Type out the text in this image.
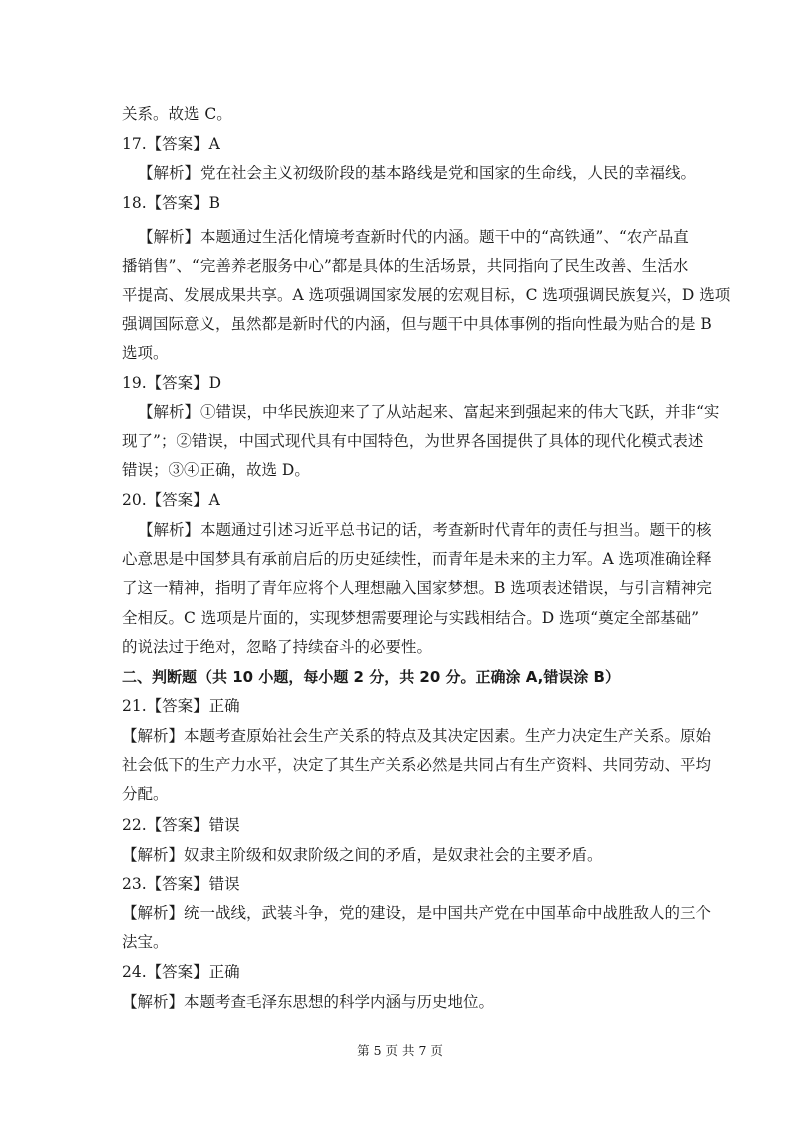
关系。故选 C。
17.【答案】A
【解析】党在社会主义初级阶段的基本路线是党和国家的生命线，人民的幸福线。
18.【答案】B
【解析】本题通过生活化情境考查新时代的内涵。题干中的“高铁通”、“农产品直
播销售”、“完善养老服务中心”都是具体的生活场景，共同指向了民生改善、生活水
平提高、发展成果共享。A 选项强调国家发展的宏观目标，C 选项强调民族复兴，D 选项
强调国际意义，虽然都是新时代的内涵，但与题干中具体事例的指向性最为贴合的是 B
选项。
19.【答案】D
【解析】①错误，中华民族迎来了了从站起来、富起来到强起来的伟大飞跃，并非“实
现了”；②错误，中国式现代具有中国特色，为世界各国提供了具体的现代化模式表述
错误；③④正确，故选 D。
20.【答案】A
【解析】本题通过引述习近平总书记的话，考查新时代青年的责任与担当。题干的核
心意思是中国梦具有承前启后的历史延续性，而青年是未来的主力军。A 选项准确诠释
了这一精神，指明了青年应将个人理想融入国家梦想。B 选项表述错误，与引言精神完
全相反。C 选项是片面的，实现梦想需要理论与实践相结合。D 选项“奠定全部基础”
的说法过于绝对，忽略了持续奋斗的必要性。
二、判断题（共 10 小题，每小题 2 分，共 20 分。正确涂 A,错误涂 B）
21.【答案】正确
【解析】本题考查原始社会生产关系的特点及其决定因素。生产力决定生产关系。原始
社会低下的生产力水平，决定了其生产关系必然是共同占有生产资料、共同劳动、平均
分配。
22.【答案】错误
【解析】奴隶主阶级和奴隶阶级之间的矛盾，是奴隶社会的主要矛盾。
23.【答案】错误
【解析】统一战线，武装斗争，党的建设，是中国共产党在中国革命中战胜敌人的三个
法宝。
24.【答案】正确
【解析】本题考查毛泽东思想的科学内涵与历史地位。
第 5 页 共 7 页
